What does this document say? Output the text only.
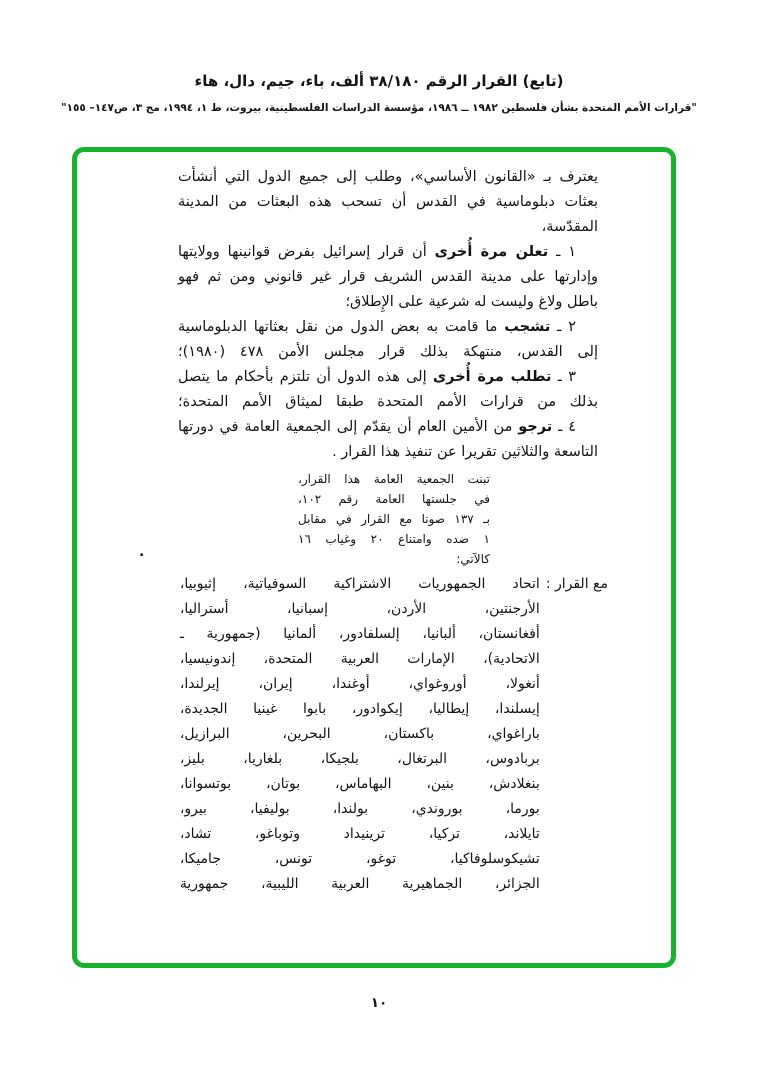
(تابع) القرار الرقم ٣٨/١٨٠ ألف، باء، جيم، دال، هاء
"قرارات الأمم المتحدة بشأن فلسطين ١٩٨٢ ــ ١٩٨٦، مؤسسة الدراسات الفلسطينية، بيروت، ط ١، ١٩٩٤، مج ٣، ص١٤٧– ١٥٥"
يعترف بـ «القانون الأساسي»، وطلب إلى جميع الدول التي أنشأت
بعثات دبلوماسية في القدس أن تسحب هذه البعثات من المدينة
المقدّسة،
١ ـ تعلن مرة أُخرى أن قرار إسرائيل بفرض قوانينها وولايتها
وإدارتها على مدينة القدس الشريف قرار غير قانوني ومن ثم فهو
باطل ولاغ وليست له شرعية على الإِطلاق؛
٢ ـ تشجب ما قامت به بعض الدول من نقل بعثاتها الدبلوماسية
إلى القدس، منتهكة بذلك قرار مجلس الأمن ٤٧٨ (١٩٨٠)؛
٣ ـ تطلب مرة أُخرى إلى هذه الدول أن تلتزم بأحكام ما يتصل
بذلك من قرارات الأمم المتحدة طبقا لميثاق الأمم المتحدة؛
٤ ـ ترجو من الأمين العام أن يقدّم إلى الجمعية العامة في دورتها
التاسعة والثلاثين تقريرا عن تنفيذ هذا القرار .
تبنت الجمعية العامة هذا القرار،
في جلستها العامة رقم ١٠٢،
بـ ١٣٧ صوتا مع القرار في مقابل
١ ضده وامتناع ٢٠ وغياب ١٦
كالآتي:
مع القرار :
اتحاد الجمهوريات الاشتراكية السوفياتية، إثيوبيا،
الأرجنتين، الأردن، إسبانيا، أستراليا،
أفغانستان، ألبانيا، إلسلفادور، ألمانيا (جمهورية ـ
الاتحادية)، الإمارات العربية المتحدة، إندونيسيا،
أنغولا، أوروغواي، أوغندا، إيران، إيرلندا،
إيسلندا، إيطاليا، إيكوادور، بابوا غينيا الجديدة،
باراغواي، باكستان، البحرين، البرازيل،
بربادوس، البرتغال، بلجيكا، بلغاريا، بليز،
بنغلادش، بنين، البهاماس، بوتان، بوتسوانا،
بورما، بوروندي، بولندا، بوليفيا، بيرو،
تايلاند، تركيا، ترينيداد وتوباغو، تشاد،
تشيكوسلوفاكيا، توغو، تونس، جاميكا،
الجزائر، الجماهيرية العربية الليبية، جمهورية
.
١٠
